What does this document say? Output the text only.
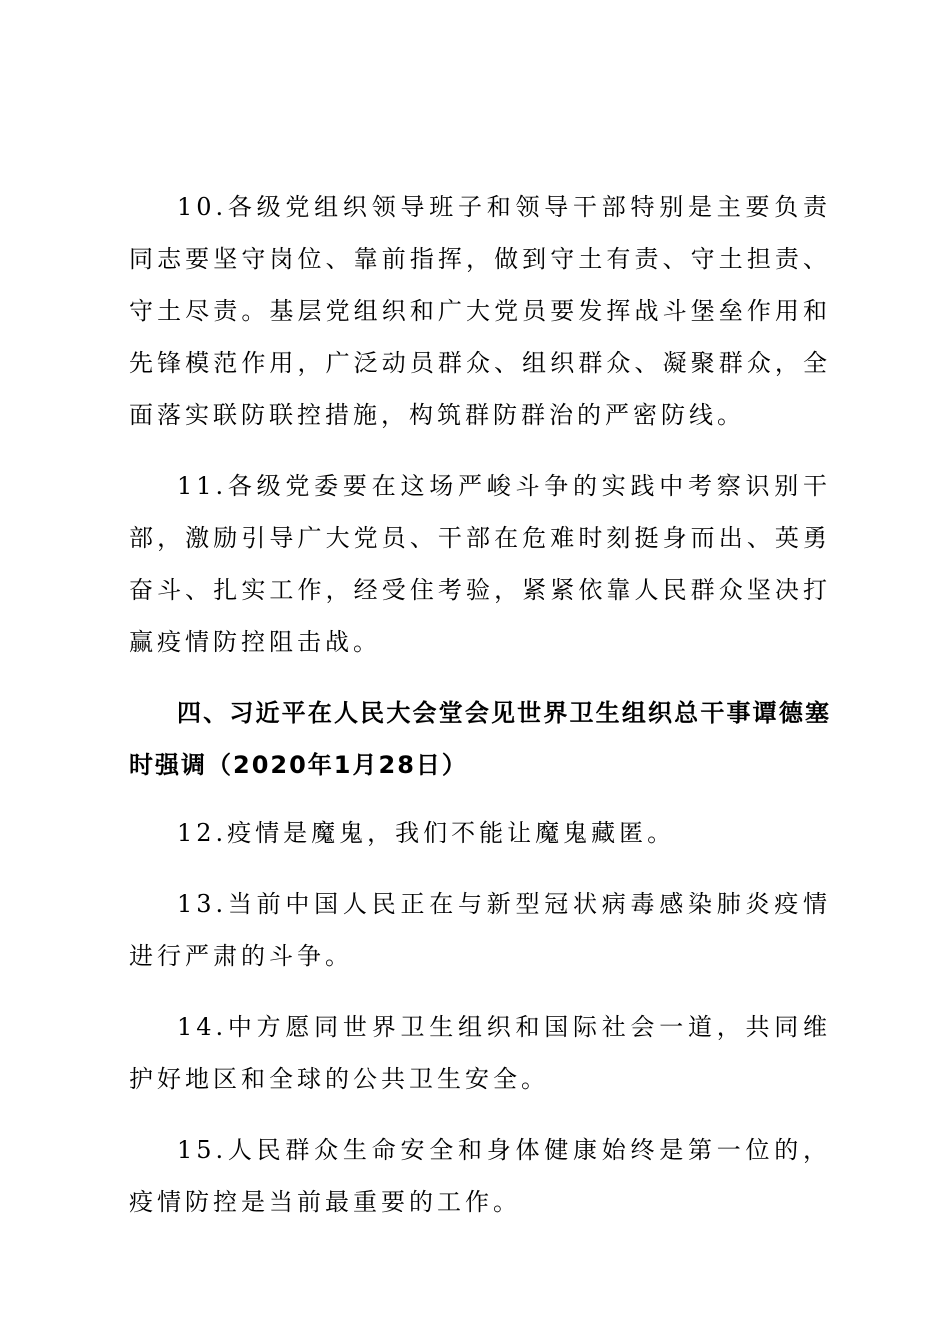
10.各级党组织领导班子和领导干部特别是主要负责同志要坚守岗位、靠前指挥，做到守土有责、守土担责、守土尽责。基层党组织和广大党员要发挥战斗堡垒作用和先锋模范作用，广泛动员群众、组织群众、凝聚群众，全面落实联防联控措施，构筑群防群治的严密防线。

11.各级党委要在这场严峻斗争的实践中考察识别干部，激励引导广大党员、干部在危难时刻挺身而出、英勇奋斗、扎实工作，经受住考验，紧紧依靠人民群众坚决打赢疫情防控阻击战。

四、习近平在人民大会堂会见世界卫生组织总干事谭德塞时强调（2020年1月28日）

12.疫情是魔鬼，我们不能让魔鬼藏匿。

13.当前中国人民正在与新型冠状病毒感染肺炎疫情进行严肃的斗争。

14.中方愿同世界卫生组织和国际社会一道，共同维护好地区和全球的公共卫生安全。

15.人民群众生命安全和身体健康始终是第一位的，疫情防控是当前最重要的工作。
